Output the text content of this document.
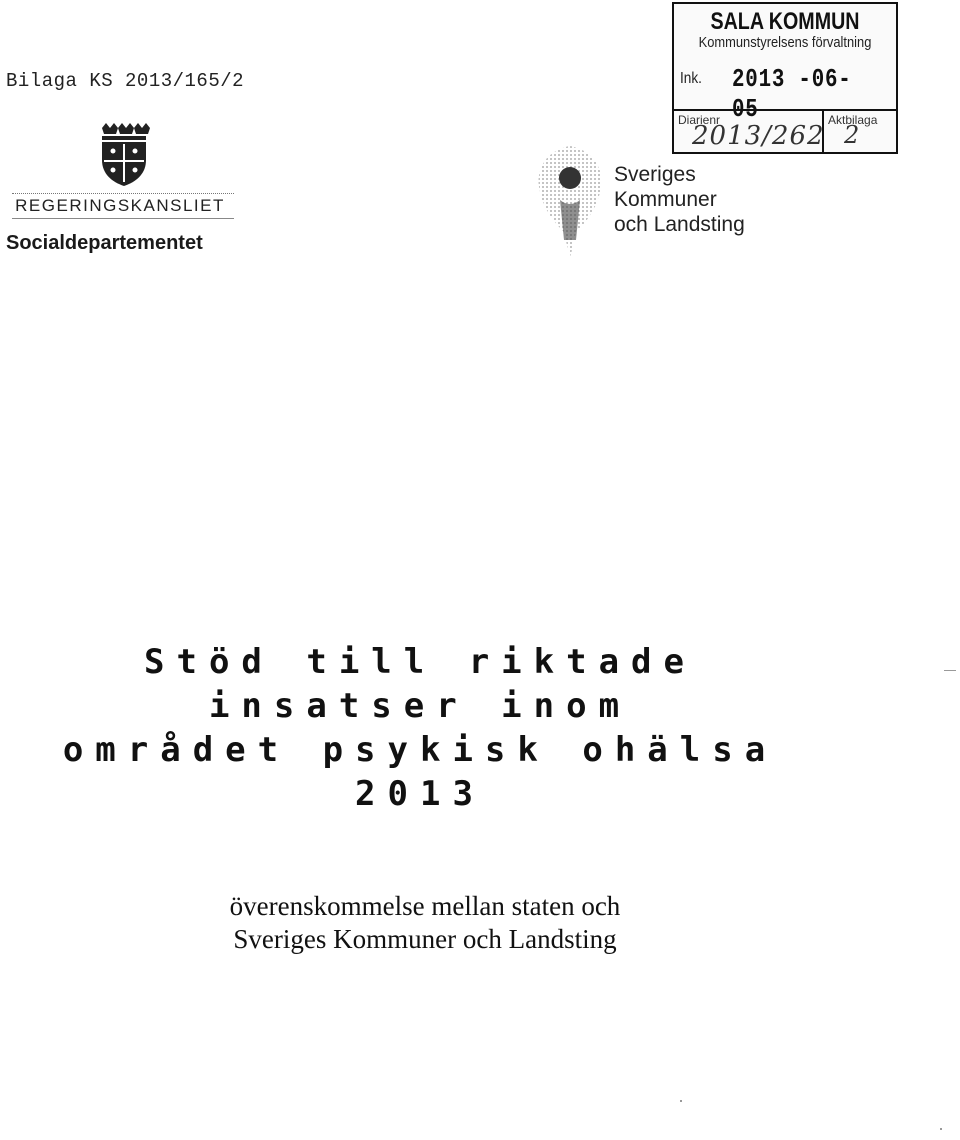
Bilaga KS 2013/165/2
REGERINGSKANSLIET
Socialdepartementet
SALA KOMMUN
Kommunstyrelsens förvaltning
Ink. 2013 -06- 05
Diarienr
2013/262
Aktbilaga
2
Sveriges
Kommuner
och Landsting
Stöd till riktade
insatser inom
området psykisk ohälsa
2013
överenskommelse mellan staten och
Sveriges Kommuner och Landsting
